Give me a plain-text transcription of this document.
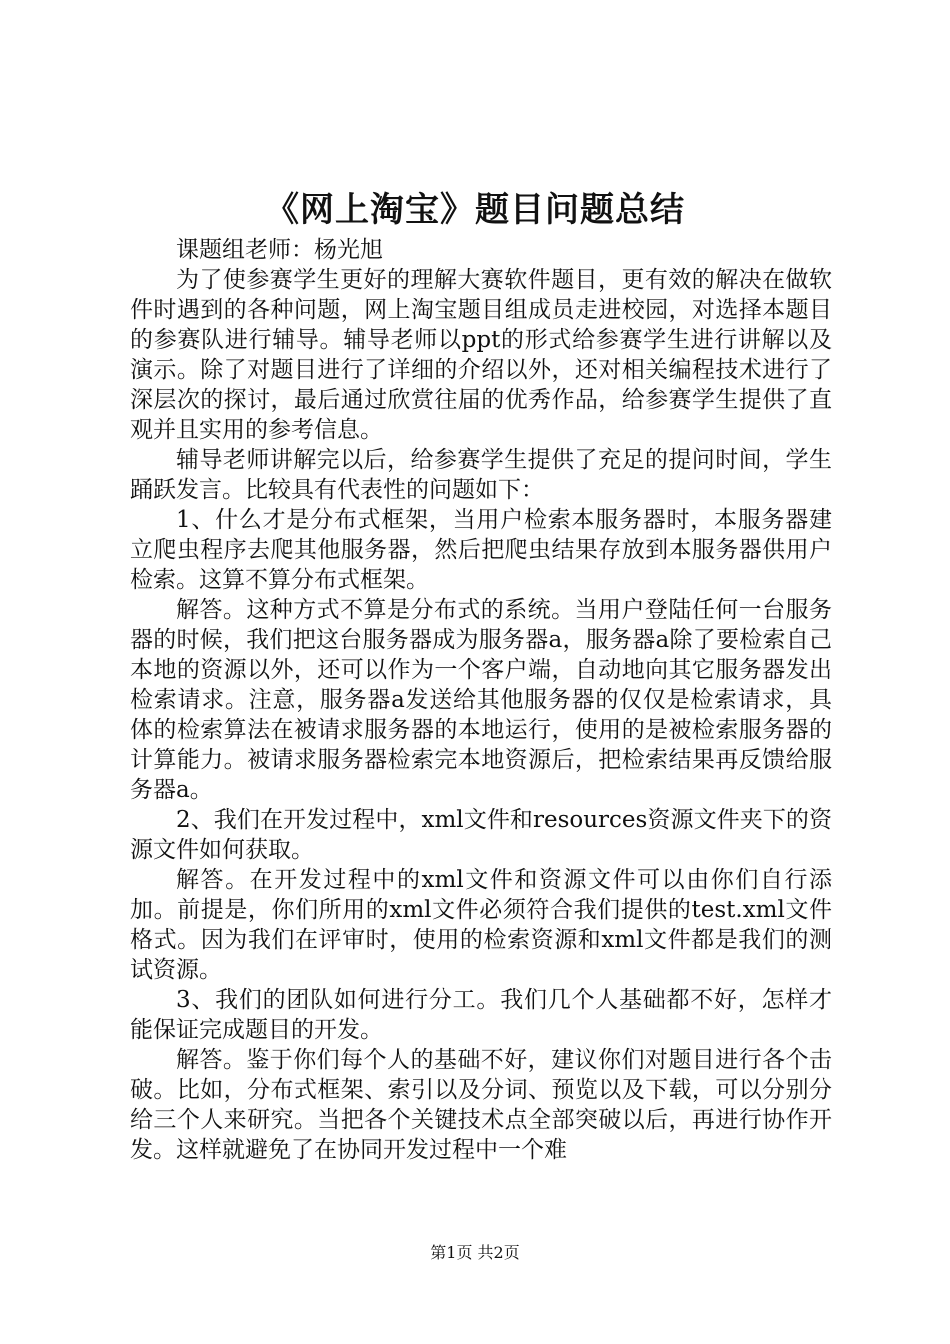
《网上淘宝》题目问题总结

课题组老师：杨光旭

为了使参赛学生更好的理解大赛软件题目，更有效的解决在做软件时遇到的各种问题，网上淘宝题目组成员走进校园，对选择本题目的参赛队进行辅导。辅导老师以ppt的形式给参赛学生进行讲解以及演示。除了对题目进行了详细的介绍以外，还对相关编程技术进行了深层次的探讨，最后通过欣赏往届的优秀作品，给参赛学生提供了直观并且实用的参考信息。

辅导老师讲解完以后，给参赛学生提供了充足的提问时间，学生踊跃发言。比较具有代表性的问题如下：

1、什么才是分布式框架，当用户检索本服务器时，本服务器建立爬虫程序去爬其他服务器，然后把爬虫结果存放到本服务器供用户检索。这算不算分布式框架。

解答。这种方式不算是分布式的系统。当用户登陆任何一台服务器的时候，我们把这台服务器成为服务器a，服务器a除了要检索自己本地的资源以外，还可以作为一个客户端，自动地向其它服务器发出检索请求。注意，服务器a发送给其他服务器的仅仅是检索请求，具体的检索算法在被请求服务器的本地运行，使用的是被检索服务器的计算能力。被请求服务器检索完本地资源后，把检索结果再反馈给服务器a。

2、我们在开发过程中，xml文件和resources资源文件夹下的资源文件如何获取。

解答。在开发过程中的xml文件和资源文件可以由你们自行添加。前提是，你们所用的xml文件必须符合我们提供的test.xml文件格式。因为我们在评审时，使用的检索资源和xml文件都是我们的测试资源。

3、我们的团队如何进行分工。我们几个人基础都不好，怎样才能保证完成题目的开发。

解答。鉴于你们每个人的基础不好，建议你们对题目进行各个击破。比如，分布式框架、索引以及分词、预览以及下载，可以分别分给三个人来研究。当把各个关键技术点全部突破以后，再进行协作开发。这样就避免了在协同开发过程中一个难

第1页 共2页
